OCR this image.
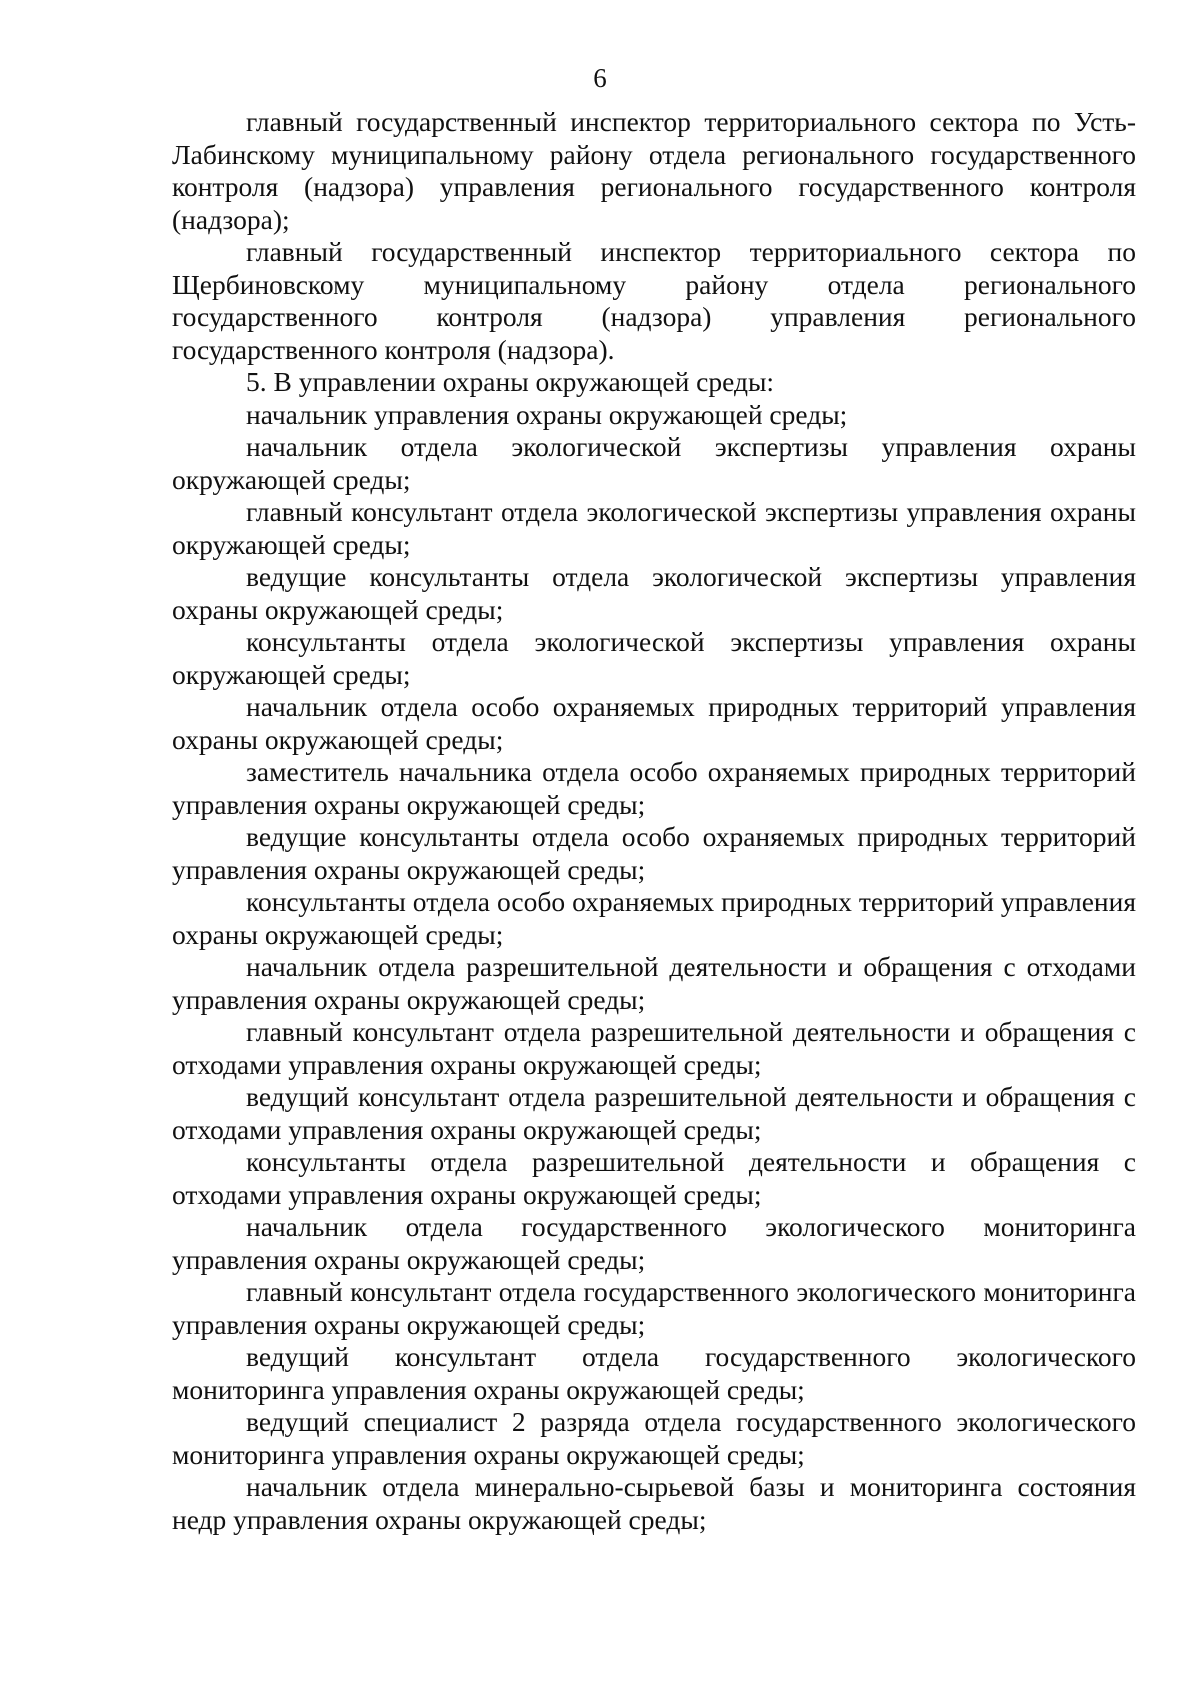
6

главный государственный инспектор территориального сектора по Усть-Лабинскому муниципальному району отдела регионального государственного контроля (надзора) управления регионального государственного контроля (надзора);

главный государственный инспектор территориального сектора по Щербиновскому муниципальному району отдела регионального государственного контроля (надзора) управления регионального государственного контроля (надзора).

5. В управлении охраны окружающей среды:

начальник управления охраны окружающей среды;

начальник отдела экологической экспертизы управления охраны окружающей среды;

главный консультант отдела экологической экспертизы управления охраны окружающей среды;

ведущие консультанты отдела экологической экспертизы управления охраны окружающей среды;

консультанты отдела экологической экспертизы управления охраны окружающей среды;

начальник отдела особо охраняемых природных территорий управления охраны окружающей среды;

заместитель начальника отдела особо охраняемых природных территорий управления охраны окружающей среды;

ведущие консультанты отдела особо охраняемых природных территорий управления охраны окружающей среды;

консультанты отдела особо охраняемых природных территорий управления охраны окружающей среды;

начальник отдела разрешительной деятельности и обращения с отходами управления охраны окружающей среды;

главный консультант отдела разрешительной деятельности и обращения с отходами управления охраны окружающей среды;

ведущий консультант отдела разрешительной деятельности и обращения с отходами управления охраны окружающей среды;

консультанты отдела разрешительной деятельности и обращения с отходами управления охраны окружающей среды;

начальник отдела государственного экологического мониторинга управления охраны окружающей среды;

главный консультант отдела государственного экологического мониторинга управления охраны окружающей среды;

ведущий консультант отдела государственного экологического мониторинга управления охраны окружающей среды;

ведущий специалист 2 разряда отдела государственного экологического мониторинга управления охраны окружающей среды;

начальник отдела минерально-сырьевой базы и мониторинга состояния недр управления охраны окружающей среды;
